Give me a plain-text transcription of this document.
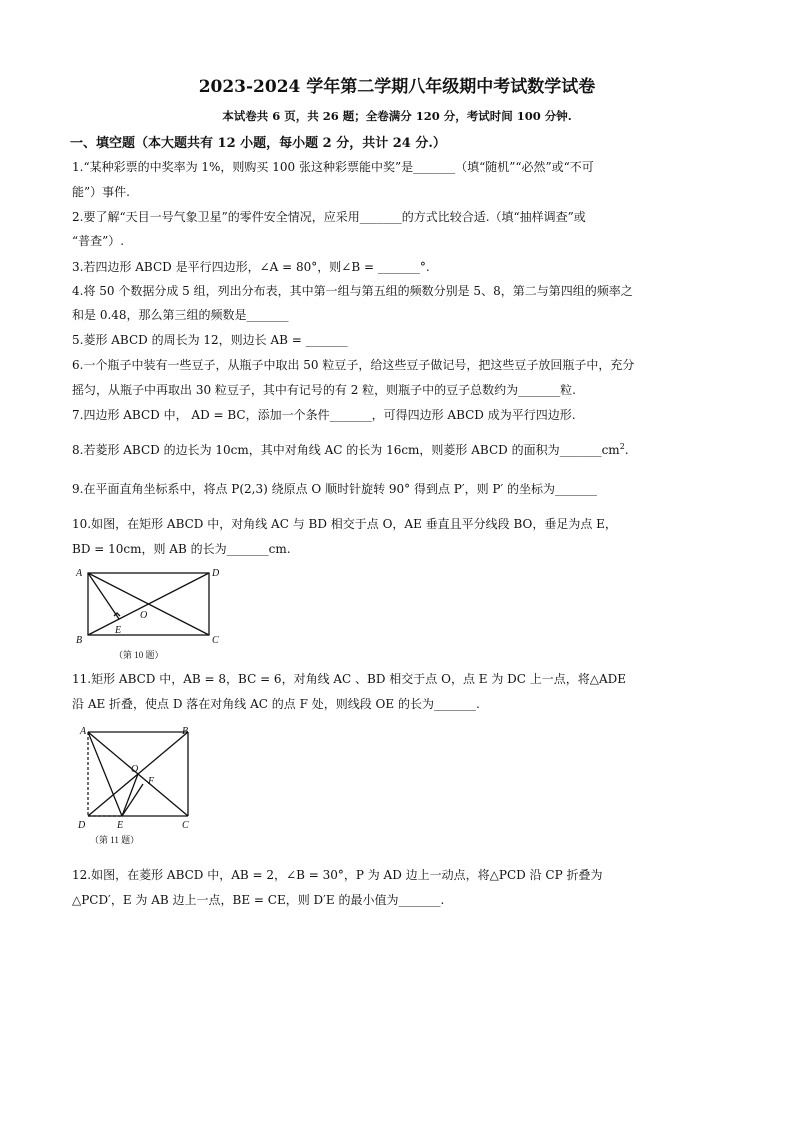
2023-2024 学年第二学期八年级期中考试数学试卷
本试卷共 6 页，共 26 题；全卷满分 120 分，考试时间 100 分钟.
一、填空题（本大题共有 12 小题，每小题 2 分，共计 24 分.）
1.“某种彩票的中奖率为 1%，则购买 100 张这种彩票能中奖”是_______（填“随机”“必然”或“不可
能”）事件.
2.要了解“天目一号气象卫星”的零件安全情况，应采用_______的方式比较合适.（填“抽样调查”或
“普查”）.
3.若四边形 ABCD 是平行四边形，∠A = 80°，则∠B = _______°.
4.将 50 个数据分成 5 组，列出分布表，其中第一组与第五组的频数分别是 5、8，第二与第四组的频率之
和是 0.48，那么第三组的频数是_______
5.菱形 ABCD 的周长为 12，则边长 AB = _______
6.一个瓶子中装有一些豆子，从瓶子中取出 50 粒豆子，给这些豆子做记号，把这些豆子放回瓶子中，充分
摇匀，从瓶子中再取出 30 粒豆子，其中有记号的有 2 粒，则瓶子中的豆子总数约为_______粒.
7.四边形 ABCD 中， AD = BC，添加一个条件_______，可得四边形 ABCD 成为平行四边形.
8.若菱形 ABCD 的边长为 10cm，其中对角线 AC 的长为 16cm，则菱形 ABCD 的面积为$\_\_\_\_\_\_\_cm^2$.
9.在平面直角坐标系中，将点 P(2,3) 绕原点 O 顺时针旋转 90° 得到点 P′，则 P′ 的坐标为_______
10.如图，在矩形 ABCD 中，对角线 AC 与 BD 相交于点 O，AE 垂直且平分线段 BO，垂足为点 E，
BD = 10cm，则 AB 的长为_______cm.
A	D
B	C
O
E
（第 10 题）
11.矩形 ABCD 中，AB = 8，BC = 6，对角线 AC 、BD 相交于点 O，点 E 为 DC 上一点，将△ADE
沿 AE 折叠，使点 D 落在对角线 AC 的点 F 处，则线段 OE 的长为_______.
A	B
D	E	C
O
F
（第 11 题）
12.如图，在菱形 ABCD 中，AB = 2，∠B = 30°，P 为 AD 边上一动点，将△PCD 沿 CP 折叠为
△PCD′，E 为 AB 边上一点，BE = CE，则 D′E 的最小值为_______.
